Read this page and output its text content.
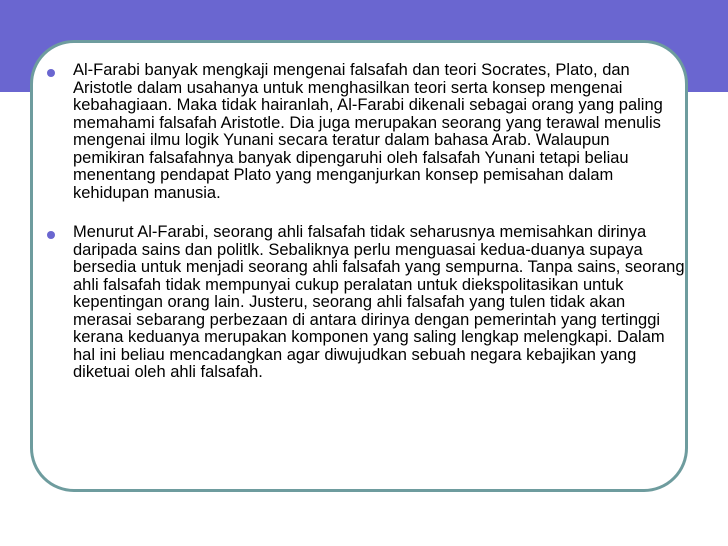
Al-Farabi banyak mengkaji mengenai falsafah dan teori Socrates, Plato, dan Aristotle dalam usahanya untuk menghasilkan teori serta konsep mengenai kebahagiaan. Maka tidak hairanlah, Al-Farabi dikenali sebagai orang yang paling memahami falsafah Aristotle. Dia juga merupakan seorang yang terawal menulis mengenai ilmu logik Yunani secara teratur dalam bahasa Arab. Walaupun pemikiran falsafahnya banyak dipengaruhi oleh falsafah Yunani tetapi beliau menentang pendapat Plato yang menganjurkan konsep pemisahan dalam kehidupan manusia.
Menurut Al-Farabi, seorang ahli falsafah tidak seharusnya memisahkan dirinya daripada sains dan politlk. Sebaliknya perlu menguasai kedua-duanya supaya bersedia untuk menjadi seorang ahli falsafah yang sempurna. Tanpa sains, seorang ahli falsafah tidak mempunyai cukup peralatan untuk diekspolitasikan untuk kepentingan orang lain. Justeru, seorang ahli falsafah yang tulen tidak akan merasai sebarang perbezaan di antara dirinya dengan pemerintah yang tertinggi kerana keduanya merupakan komponen yang saling lengkap melengkapi. Dalam hal ini beliau mencadangkan agar diwujudkan sebuah negara kebajikan yang diketuai oleh ahli falsafah.
